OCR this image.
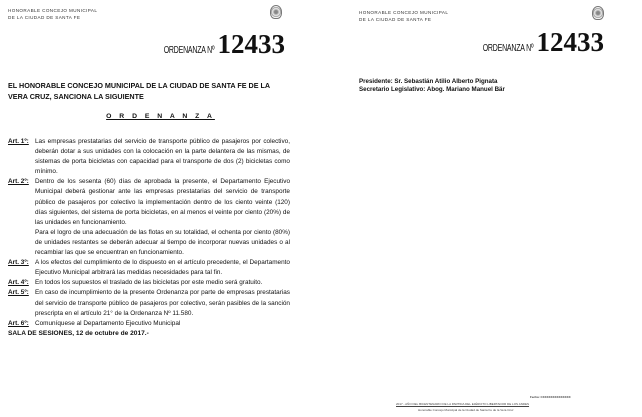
HONORABLE CONCEJO MUNICIPAL
DE LA CIUDAD DE SANTA FE
ORDENANZA Nº 12433
EL HONORABLE CONCEJO MUNICIPAL DE LA CIUDAD DE SANTA FE DE LA VERA CRUZ, SANCIONA LA SIGUIENTE
O R D E N A N Z A
Art. 1º: Las empresas prestatarias del servicio de transporte público de pasajeros por colectivo, deberán dotar a sus unidades con la colocación en la parte delantera de las mismas, de sistemas de porta bicicletas con capacidad para el transporte de dos (2) bicicletas como mínimo.
Art. 2º: Dentro de los sesenta (60) días de aprobada la presente, el Departamento Ejecutivo Municipal deberá gestionar ante las empresas prestatarias del servicio de transporte público de pasajeros por colectivo la implementación dentro de los ciento veinte (120) días siguientes, del sistema de porta bicicletas, en al menos el veinte por ciento (20%) de las unidades en funcionamiento.
Para el logro de una adecuación de las flotas en su totalidad, el ochenta por ciento (80%) de unidades restantes se deberán adecuar al tiempo de incorporar nuevas unidades o al recambiar las que se encuentran en funcionamiento.
Art. 3º: A los efectos del cumplimiento de lo dispuesto en el artículo precedente, el Departamento Ejecutivo Municipal arbitrará las medidas necesidades para tal fin.
Art. 4º: En todos los supuestos el traslado de las bicicletas por este medio será gratuito.
Art. 5º: En caso de incumplimiento de la presente Ordenanza por parte de empresas prestatarias del servicio de transporte público de pasajeros por colectivo, serán pasibles de la sanción prescripta en el artículo 21° de la Ordenanza Nº 11.580.
Art. 6º: Comuníquese al Departamento Ejecutivo Municipal
SALA DE SESIONES, 12 de octubre de 2017.-
HONORABLE CONCEJO MUNICIPAL
DE LA CIUDAD DE SANTA FE
ORDENANZA Nº 12433
Presidente: Sr. Sebastián Atilio Alberto Pignata
Secretario Legislativo: Abog. Mariano Manuel Bär
Fecha: CXXXXXXXXXXXXXX
2017 - AÑO DEL BICENTENARIO DE LA PARTIDA DEL EJÉRCITO LIBERTADOR DE LOS ANDES
Honorable Concejo Municipal de la Ciudad de Santa Fe de la Vera Cruz
